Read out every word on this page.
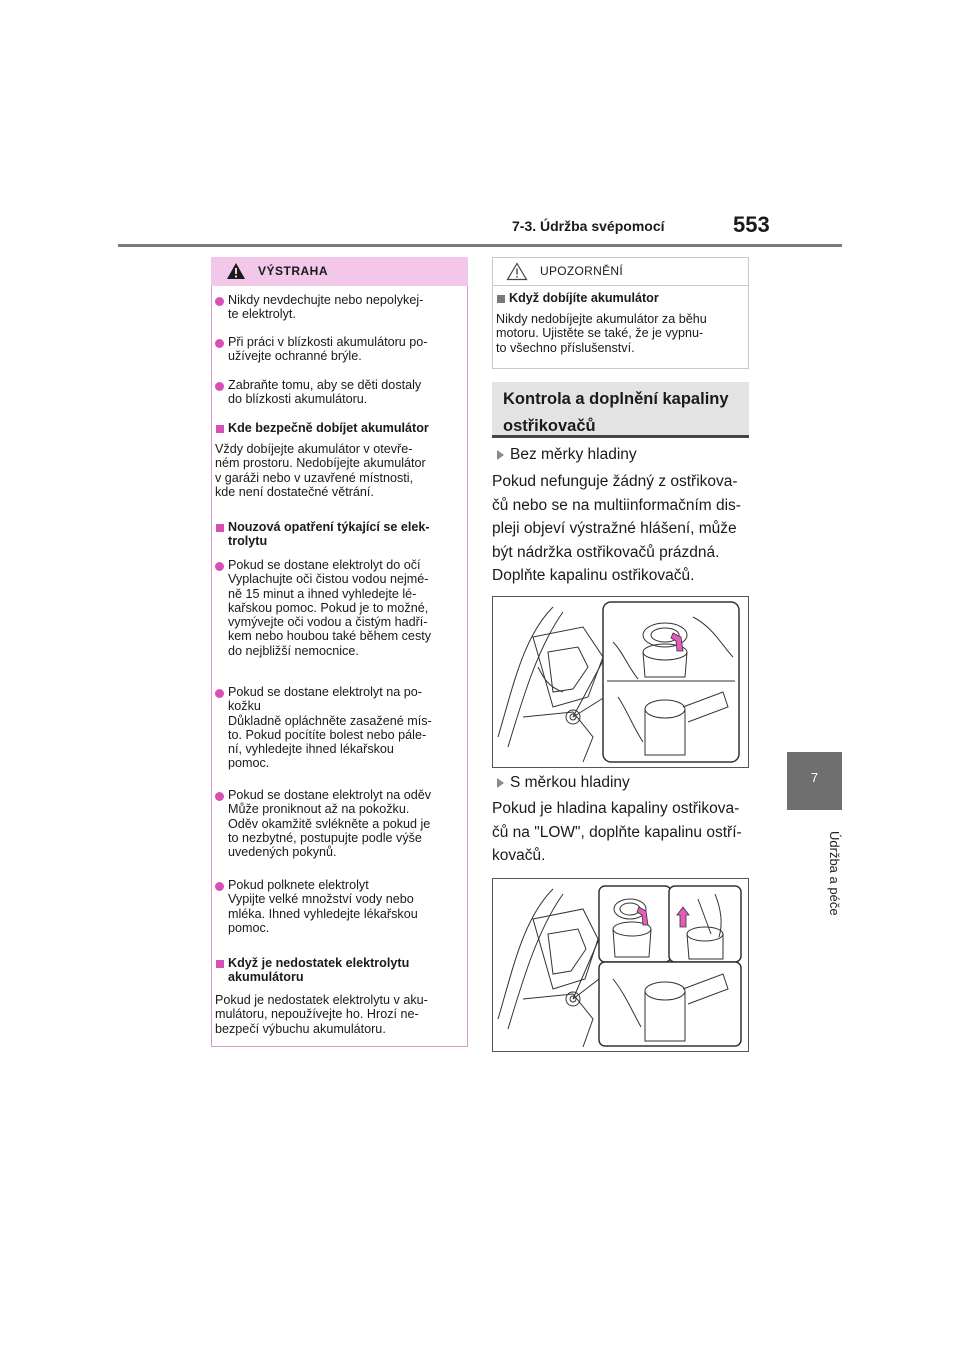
7-3. Údržba svépomocí	553
7
Údržba a péče
VÝSTRAHA
Nikdy nevdechujte nebo nepolykej-
te elektrolyt.
Při práci v blízkosti akumulátoru po-
užívejte ochranné brýle.
Zabraňte tomu, aby se děti dostaly
do blízkosti akumulátoru.
Kde bezpečně dobíjet akumulátor
Vždy dobíjejte akumulátor v otevře-
ném prostoru. Nedobíjejte akumulátor
v garáži nebo v uzavřené místnosti,
kde není dostatečné větrání.
Nouzová opatření týkající se elek-
trolytu
Pokud se dostane elektrolyt do očí
Vyplachujte oči čistou vodou nejmé-
ně 15 minut a ihned vyhledejte lé-
kařskou pomoc. Pokud je to možné,
vymývejte oči vodou a čistým hadří-
kem nebo houbou také během cesty
do nejbližší nemocnice.
Pokud se dostane elektrolyt na po-
kožku
Důkladně opláchněte zasažené mís-
to. Pokud pocítíte bolest nebo pále-
ní, vyhledejte ihned lékařskou
pomoc.
Pokud se dostane elektrolyt na oděv
Může proniknout až na pokožku.
Oděv okamžitě svlékněte a pokud je
to nezbytné, postupujte podle výše
uvedených pokynů.
Pokud polknete elektrolyt
Vypijte velké množství vody nebo
mléka. Ihned vyhledejte lékařskou
pomoc.
Když je nedostatek elektrolytu
akumulátoru
Pokud je nedostatek elektrolytu v aku-
mulátoru, nepoužívejte ho. Hrozí ne-
bezpečí výbuchu akumulátoru.
UPOZORNĚNÍ
Když dobíjíte akumulátor
Nikdy nedobíjejte akumulátor za běhu
motoru. Ujistěte se také, že je vypnu-
to všechno příslušenství.
Kontrola a doplnění kapaliny
ostřikovačů
Bez měrky hladiny
Pokud nefunguje žádný z ostřikova-
čů nebo se na multiinformačním dis-
pleji objeví výstražné hlášení, může
být nádržka ostřikovačů prázdná.
Doplňte kapalinu ostřikovačů.
S měrkou hladiny
Pokud je hladina kapaliny ostřikova-
čů na "LOW", doplňte kapalinu ostří-
kovačů.
